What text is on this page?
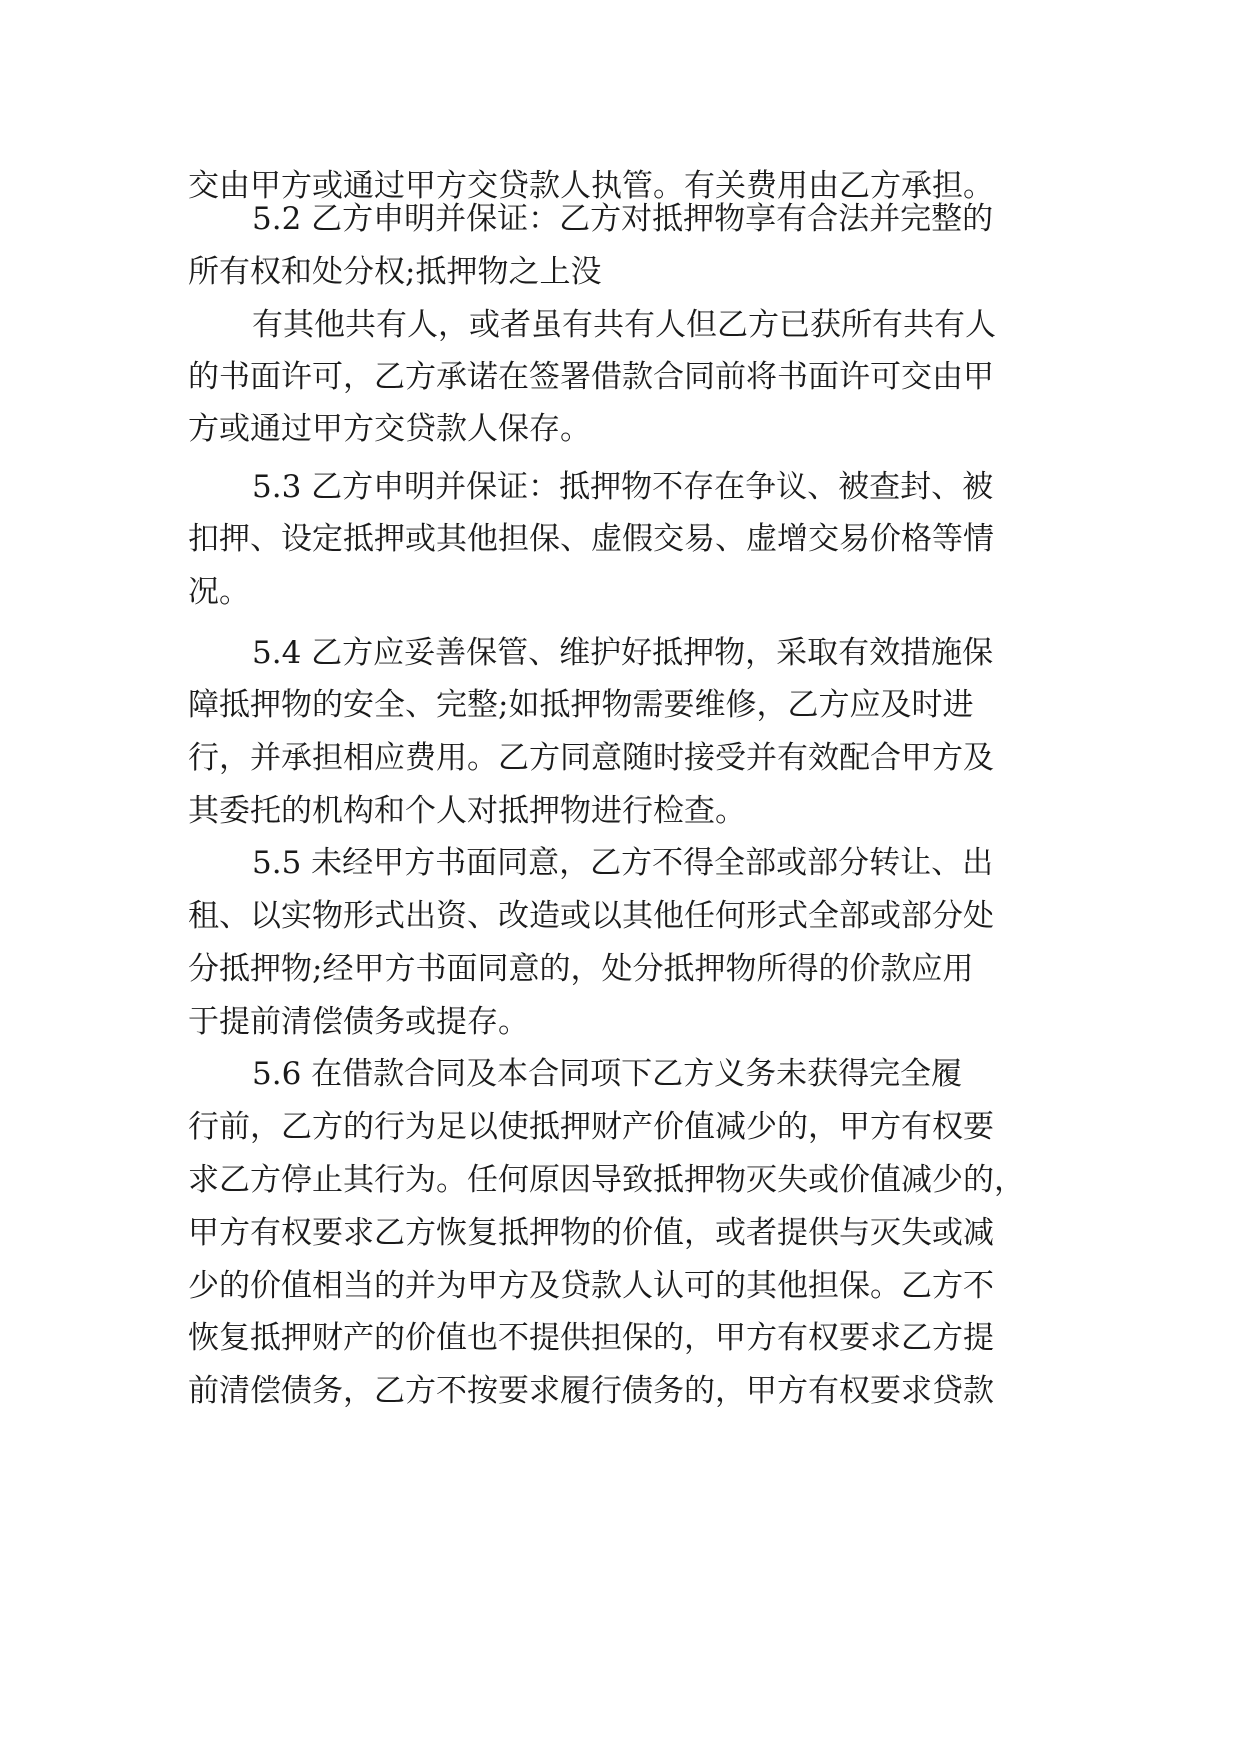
交由甲方或通过甲方交贷款人执管。有关费用由乙方承担。
5.2 乙方申明并保证：乙方对抵押物享有合法并完整的
所有权和处分权;抵押物之上没
有其他共有人，或者虽有共有人但乙方已获所有共有人
的书面许可，乙方承诺在签署借款合同前将书面许可交由甲
方或通过甲方交贷款人保存。
5.3 乙方申明并保证：抵押物不存在争议、被查封、被
扣押、设定抵押或其他担保、虚假交易、虚增交易价格等情
况。
5.4 乙方应妥善保管、维护好抵押物，采取有效措施保
障抵押物的安全、完整;如抵押物需要维修，乙方应及时进
行，并承担相应费用。乙方同意随时接受并有效配合甲方及
其委托的机构和个人对抵押物进行检查。
5.5 未经甲方书面同意，乙方不得全部或部分转让、出
租、以实物形式出资、改造或以其他任何形式全部或部分处
分抵押物;经甲方书面同意的，处分抵押物所得的价款应用
于提前清偿债务或提存。
5.6 在借款合同及本合同项下乙方义务未获得完全履
行前，乙方的行为足以使抵押财产价值减少的，甲方有权要
求乙方停止其行为。任何原因导致抵押物灭失或价值减少的，
甲方有权要求乙方恢复抵押物的价值，或者提供与灭失或减
少的价值相当的并为甲方及贷款人认可的其他担保。乙方不
恢复抵押财产的价值也不提供担保的，甲方有权要求乙方提
前清偿债务，乙方不按要求履行债务的，甲方有权要求贷款
